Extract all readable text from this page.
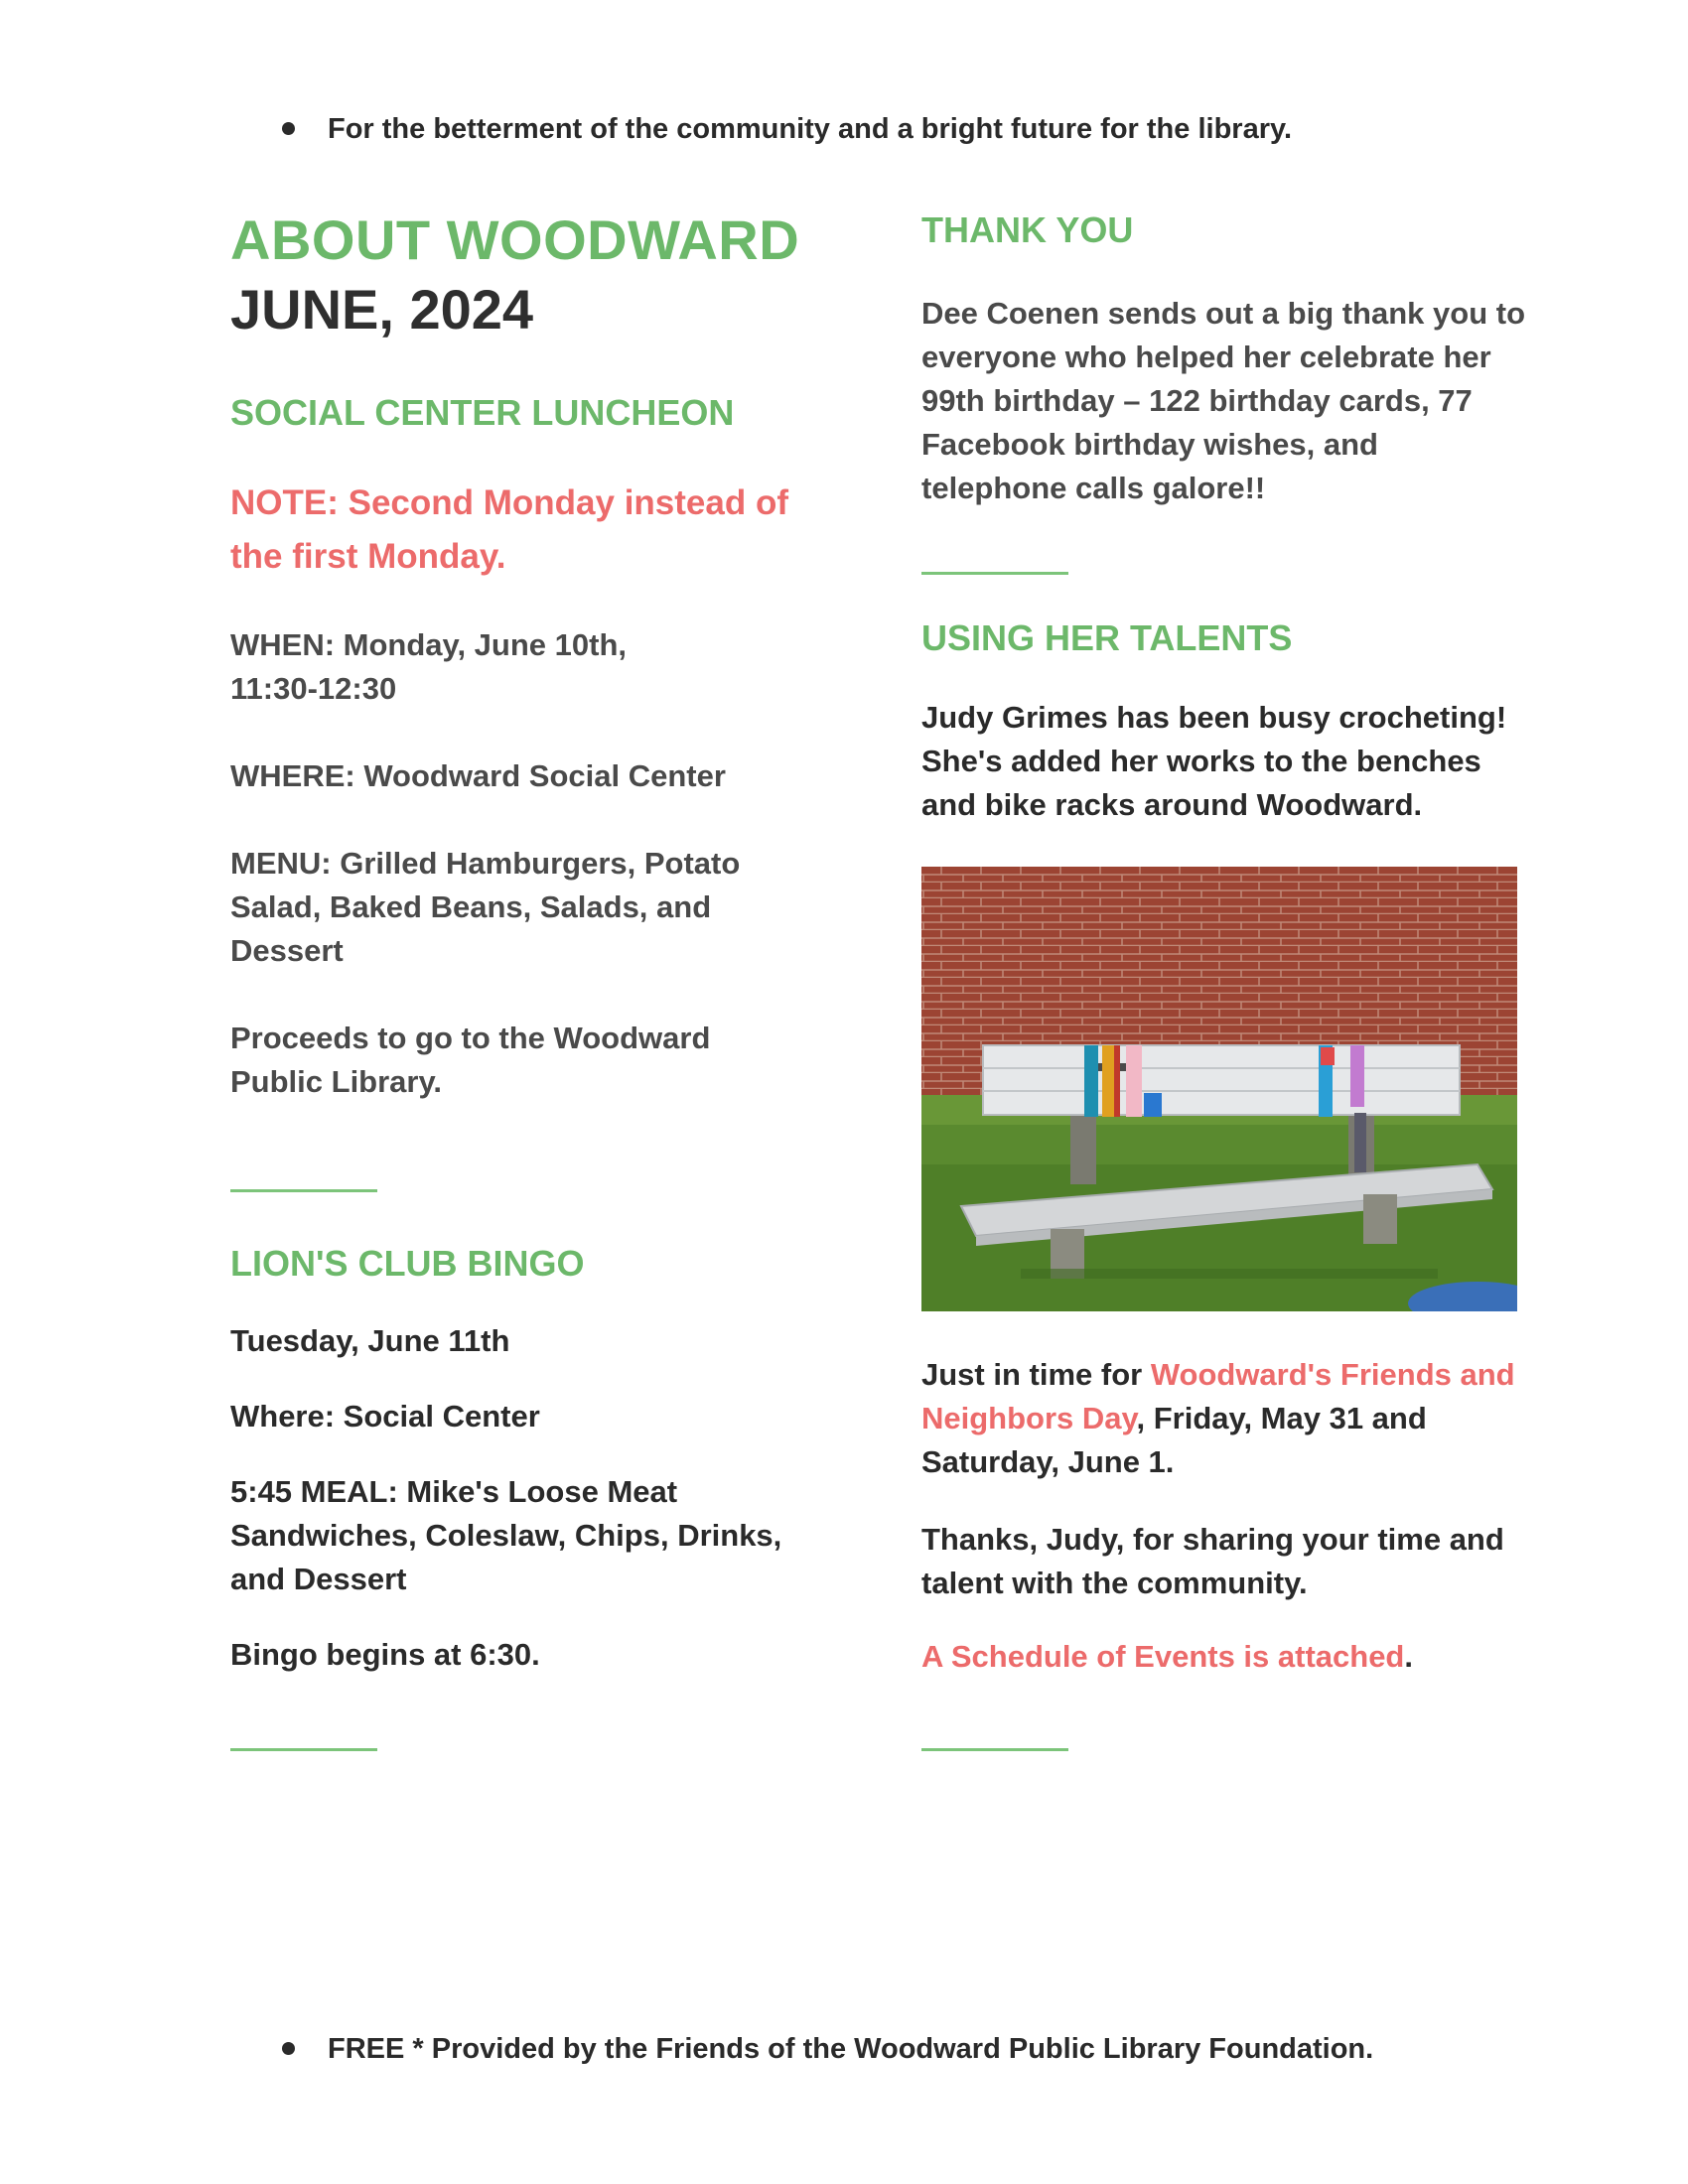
For the betterment of the community and a bright future for the library.
ABOUT WOODWARD
JUNE, 2024
SOCIAL CENTER LUNCHEON
NOTE: Second Monday instead of the first Monday.

WHEN: Monday, June 10th, 11:30-12:30

WHERE: Woodward Social Center

MENU: Grilled Hamburgers, Potato Salad, Baked Beans, Salads, and Dessert

Proceeds to go to the Woodward Public Library.

LION'S CLUB BINGO

Tuesday, June 11th

Where: Social Center

5:45 MEAL: Mike's Loose Meat Sandwiches, Coleslaw, Chips, Drinks, and Dessert

Bingo begins at 6:30.

THANK YOU

Dee Coenen sends out a big thank you to everyone who helped her celebrate her 99th birthday – 122 birthday cards, 77 Facebook birthday wishes, and telephone calls galore!!

USING HER TALENTS

Judy Grimes has been busy crocheting! She's added her works to the benches and bike racks around Woodward.

Just in time for Woodward's Friends and Neighbors Day, Friday, May 31 and Saturday, June 1.

Thanks, Judy, for sharing your time and talent with the community.

A Schedule of Events is attached.

FREE * Provided by the Friends of the Woodward Public Library Foundation.
